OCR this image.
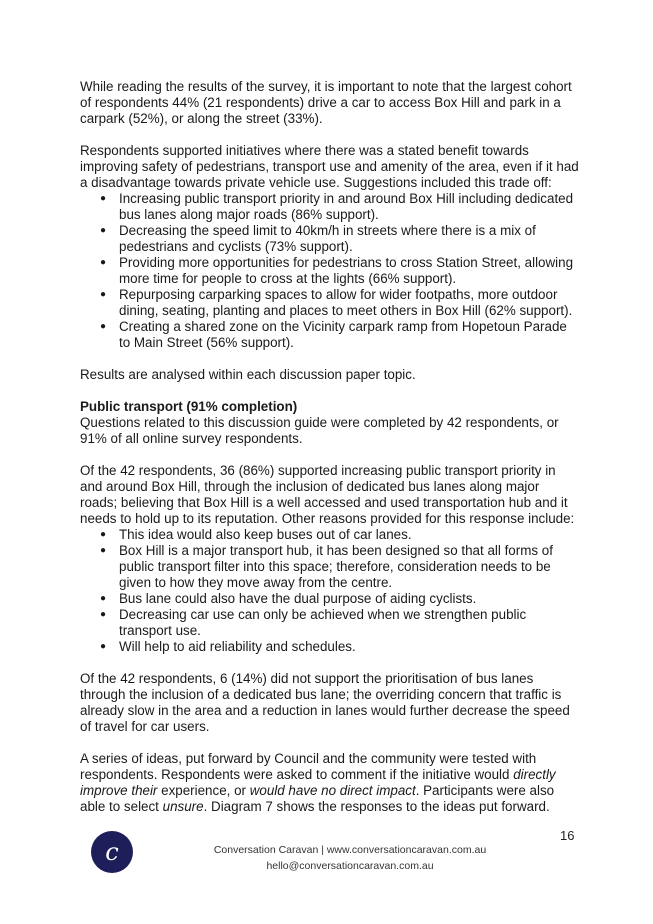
While reading the results of the survey, it is important to note that the largest cohort of respondents 44% (21 respondents) drive a car to access Box Hill and park in a carpark (52%), or along the street (33%).

Respondents supported initiatives where there was a stated benefit towards improving safety of pedestrians, transport use and amenity of the area, even if it had a disadvantage towards private vehicle use. Suggestions included this trade off:

● Increasing public transport priority in and around Box Hill including dedicated bus lanes along major roads (86% support).
● Decreasing the speed limit to 40km/h in streets where there is a mix of pedestrians and cyclists (73% support).
● Providing more opportunities for pedestrians to cross Station Street, allowing more time for people to cross at the lights (66% support).
● Repurposing carparking spaces to allow for wider footpaths, more outdoor dining, seating, planting and places to meet others in Box Hill (62% support).
● Creating a shared zone on the Vicinity carpark ramp from Hopetoun Parade to Main Street (56% support).

Results are analysed within each discussion paper topic.

Public transport (91% completion)

Questions related to this discussion guide were completed by 42 respondents, or 91% of all online survey respondents.

Of the 42 respondents, 36 (86%) supported increasing public transport priority in and around Box Hill, through the inclusion of dedicated bus lanes along major roads; believing that Box Hill is a well accessed and used transportation hub and it needs to hold up to its reputation. Other reasons provided for this response include:

● This idea would also keep buses out of car lanes.
● Box Hill is a major transport hub, it has been designed so that all forms of public transport filter into this space; therefore, consideration needs to be given to how they move away from the centre.
● Bus lane could also have the dual purpose of aiding cyclists.
● Decreasing car use can only be achieved when we strengthen public transport use.
● Will help to aid reliability and schedules.

Of the 42 respondents, 6 (14%) did not support the prioritisation of bus lanes through the inclusion of a dedicated bus lane; the overriding concern that traffic is already slow in the area and a reduction in lanes would further decrease the speed of travel for car users.

A series of ideas, put forward by Council and the community were tested with respondents. Respondents were asked to comment if the initiative would directly improve their experience, or would have no direct impact. Participants were also able to select unsure. Diagram 7 shows the responses to the ideas put forward.

16
c	Conversation Caravan | www.conversationcaravan.com.au
hello@conversationcaravan.com.au
